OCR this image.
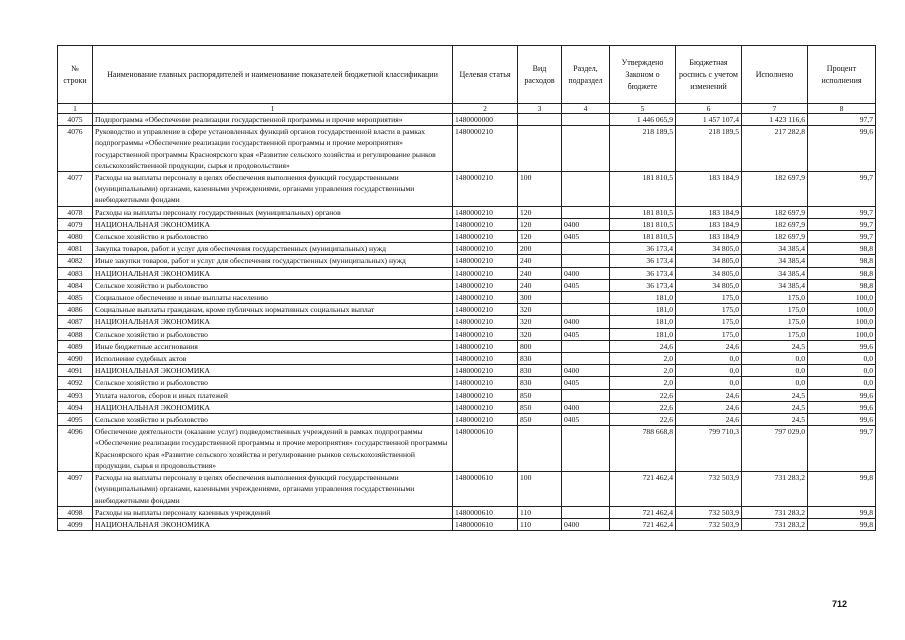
№ строки	Наименование главных распорядителей и наименование показателей бюджетной классификации	Целевая статья	Вид расходов	Раздел, подраздел	Утверждено Законом о бюджете	Бюджетная роспись с учетом изменений	Исполнено	Процент исполнения
1	1	2	3	4	5	6	7	8
4075	Подпрограмма «Обеспечение реализации государственной программы и прочие мероприятия»	1480000000			1 446 065,9	1 457 107,4	1 423 116,6	97,7
4076	Руководство и управление в сфере установленных функций органов государственной власти в рамках подпрограммы «Обеспечение реализации государственной программы и прочие мероприятия» государственной программы Красноярского края «Развитие сельского хозяйства и регулирование рынков сельскохозяйственной продукции, сырья и продовольствия»	1480000210			218 189,5	218 189,5	217 282,8	99,6
4077	Расходы на выплаты персоналу в целях обеспечения выполнения функций государственными (муниципальными) органами, казенными учреждениями, органами управления государственными внебюджетными фондами	1480000210	100		181 810,5	183 184,9	182 697,9	99,7
4078	Расходы на выплаты персоналу государственных (муниципальных) органов	1480000210	120		181 810,5	183 184,9	182 697,9	99,7
4079	НАЦИОНАЛЬНАЯ ЭКОНОМИКА	1480000210	120	0400	181 810,5	183 184,9	182 697,9	99,7
4080	Сельское хозяйство и рыболовство	1480000210	120	0405	181 810,5	183 184,9	182 697,9	99,7
4081	Закупка товаров, работ и услуг для обеспечения государственных (муниципальных) нужд	1480000210	200		36 173,4	34 805,0	34 385,4	98,8
4082	Иные закупки товаров, работ и услуг для обеспечения государственных (муниципальных) нужд	1480000210	240		36 173,4	34 805,0	34 385,4	98,8
4083	НАЦИОНАЛЬНАЯ ЭКОНОМИКА	1480000210	240	0400	36 173,4	34 805,0	34 385,4	98,8
4084	Сельское хозяйство и рыболовство	1480000210	240	0405	36 173,4	34 805,0	34 385,4	98,8
4085	Социальное обеспечение и иные выплаты населению	1480000210	300		181,0	175,0	175,0	100,0
4086	Социальные выплаты гражданам, кроме публичных нормативных социальных выплат	1480000210	320		181,0	175,0	175,0	100,0
4087	НАЦИОНАЛЬНАЯ ЭКОНОМИКА	1480000210	320	0400	181,0	175,0	175,0	100,0
4088	Сельское хозяйство и рыболовство	1480000210	320	0405	181,0	175,0	175,0	100,0
4089	Иные бюджетные ассигнования	1480000210	800		24,6	24,6	24,5	99,6
4090	Исполнение судебных актов	1480000210	830		2,0	0,0	0,0	0,0
4091	НАЦИОНАЛЬНАЯ ЭКОНОМИКА	1480000210	830	0400	2,0	0,0	0,0	0,0
4092	Сельское хозяйство и рыболовство	1480000210	830	0405	2,0	0,0	0,0	0,0
4093	Уплата налогов, сборов и иных платежей	1480000210	850		22,6	24,6	24,5	99,6
4094	НАЦИОНАЛЬНАЯ ЭКОНОМИКА	1480000210	850	0400	22,6	24,6	24,5	99,6
4095	Сельское хозяйство и рыболовство	1480000210	850	0405	22,6	24,6	24,5	99,6
4096	Обеспечение деятельности (оказание услуг) подведомственных учреждений в рамках подпрограммы «Обеспечение реализации государственной программы и прочие мероприятия» государственной программы Красноярского края «Развитие сельского хозяйства и регулирование рынков сельскохозяйственной продукции, сырья и продовольствия»	1480000610			788 668,8	799 710,3	797 029,0	99,7
4097	Расходы на выплаты персоналу в целях обеспечения выполнения функций государственными (муниципальными) органами, казенными учреждениями, органами управления государственными внебюджетными фондами	1480000610	100		721 462,4	732 503,9	731 283,2	99,8
4098	Расходы на выплаты персоналу казенных учреждений	1480000610	110		721 462,4	732 503,9	731 283,2	99,8
4099	НАЦИОНАЛЬНАЯ ЭКОНОМИКА	1480000610	110	0400	721 462,4	732 503,9	731 283,2	99,8
712
